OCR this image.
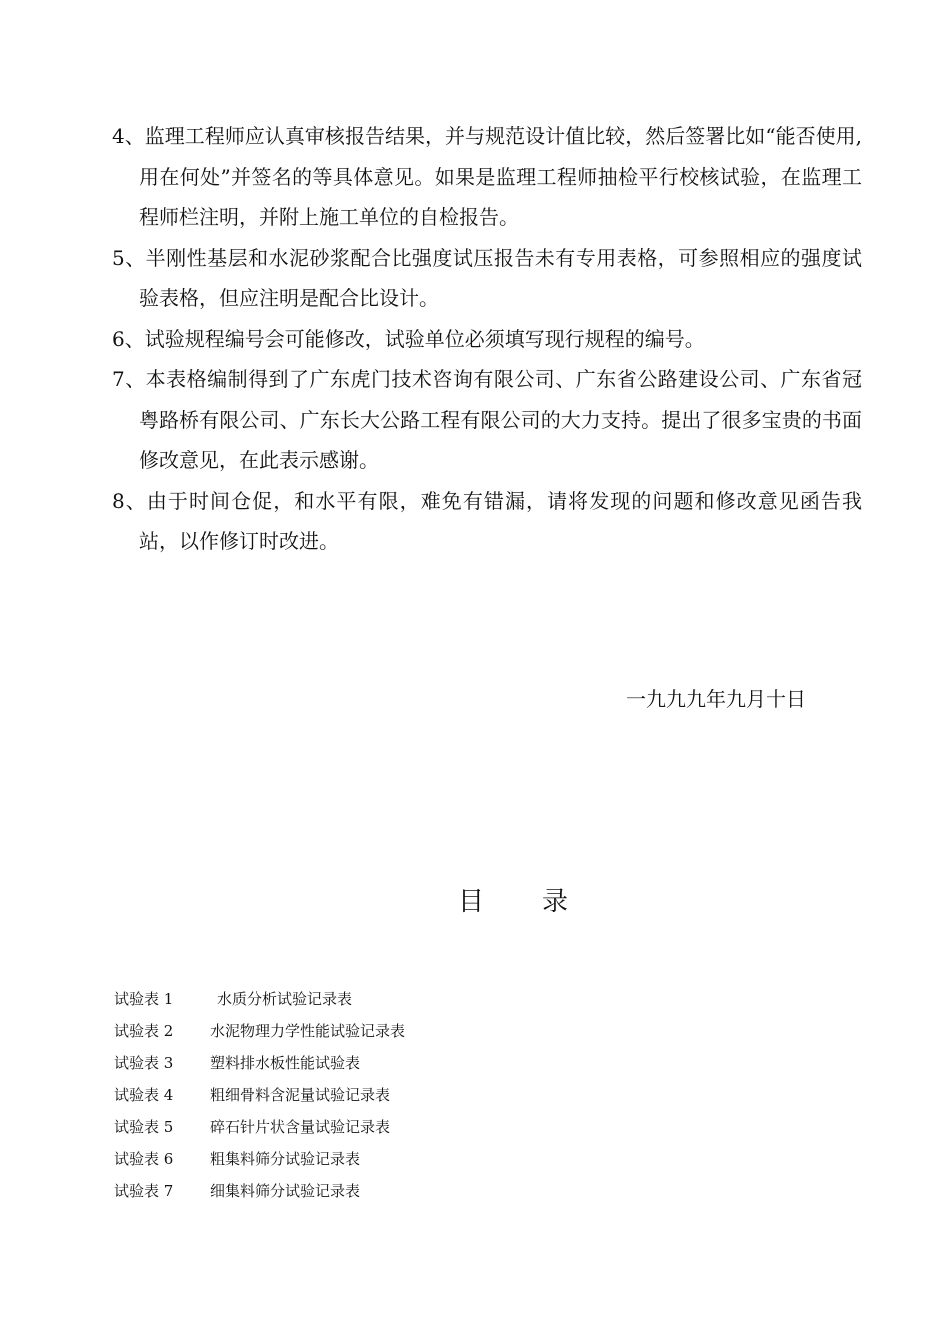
4、监理工程师应认真审核报告结果，并与规范设计值比较，然后签署比如“能否使用,用在何处”并签名的等具体意见。如果是监理工程师抽检平行校核试验，在监理工程师栏注明，并附上施工单位的自检报告。
5、半刚性基层和水泥砂浆配合比强度试压报告未有专用表格，可参照相应的强度试验表格，但应注明是配合比设计。
6、试验规程编号会可能修改，试验单位必须填写现行规程的编号。
7、本表格编制得到了广东虎门技术咨询有限公司、广东省公路建设公司、广东省冠粤路桥有限公司、广东长大公路工程有限公司的大力支持。提出了很多宝贵的书面修改意见，在此表示感谢。
8、由于时间仓促，和水平有限，难免有错漏，请将发现的问题和修改意见函告我站，以作修订时改进。
一九九九年九月十日
目 录
试验表 1	水质分析试验记录表
试验表 2 水泥物理力学性能试验记录表
试验表 3 塑料排水板性能试验表
试验表 4 粗细骨料含泥量试验记录表
试验表 5 碎石针片状含量试验记录表
试验表 6 粗集料筛分试验记录表
试验表 7 细集料筛分试验记录表
